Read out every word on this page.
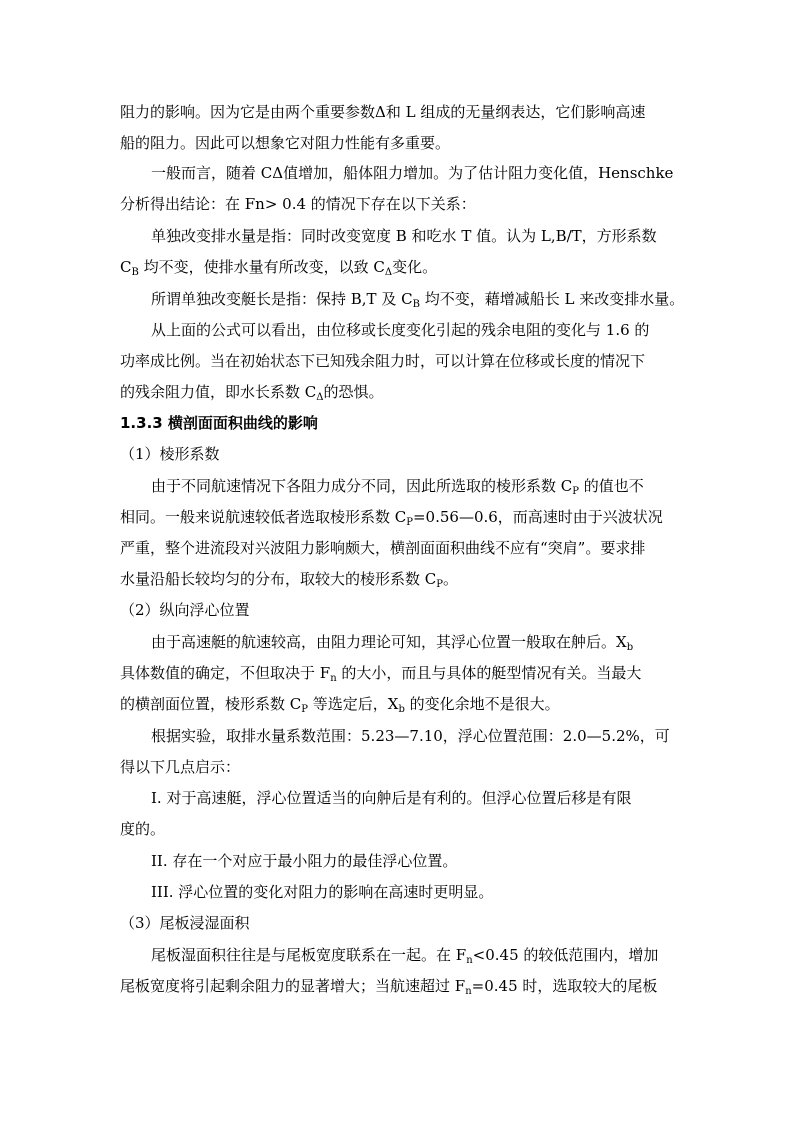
阻力的影响。因为它是由两个重要参数Δ和 L 组成的无量纲表达，它们影响高速
船的阻力。因此可以想象它对阻力性能有多重要。
一般而言，随着 CΔ值增加，船体阻力增加。为了估计阻力变化值，Henschke
分析得出结论：在 Fn> 0.4 的情况下存在以下关系：
单独改变排水量是指：同时改变宽度 B 和吃水 T 值。认为 L,B/T，方形系数
$C_B$ 均不变，使排水量有所改变，以致 $C_\Delta$变化。
所谓单独改变艇长是指：保持 B,T 及 $C_B$ 均不变，藉增减船长 L 来改变排水量。
从上面的公式可以看出，由位移或长度变化引起的残余电阻的变化与 1.6 的
功率成比例。当在初始状态下已知残余阻力时，可以计算在位移或长度的情况下
的残余阻力值，即水长系数 $C_\Delta$的恐惧。
1.3.3 横剖面面积曲线的影响
（1）棱形系数
由于不同航速情况下各阻力成分不同，因此所选取的棱形系数 $C_P$ 的值也不
相同。一般来说航速较低者选取棱形系数 $C_P=0.56—0.6$，而高速时由于兴波状况
严重，整个进流段对兴波阻力影响颇大，横剖面面积曲线不应有“突肩”。要求排
水量沿船长较均匀的分布，取较大的棱形系数 $C_P$。
（2）纵向浮心位置
由于高速艇的航速较高，由阻力理论可知，其浮心位置一般取在舯后。$X_b$
具体数值的确定，不但取决于 $F_n$ 的大小，而且与具体的艇型情况有关。当最大
的横剖面位置，棱形系数 $C_P$ 等选定后，$X_b$ 的变化余地不是很大。
根据实验，取排水量系数范围：5.23—7.10，浮心位置范围：2.0—5.2%，可
得以下几点启示：
I. 对于高速艇，浮心位置适当的向舯后是有利的。但浮心位置后移是有限
度的。
II. 存在一个对应于最小阻力的最佳浮心位置。
III. 浮心位置的变化对阻力的影响在高速时更明显。
（3）尾板浸湿面积
尾板湿面积往往是与尾板宽度联系在一起。在 $F_n<0.45$ 的较低范围内，增加
尾板宽度将引起剩余阻力的显著增大；当航速超过 $F_n=0.45$ 时，选取较大的尾板
